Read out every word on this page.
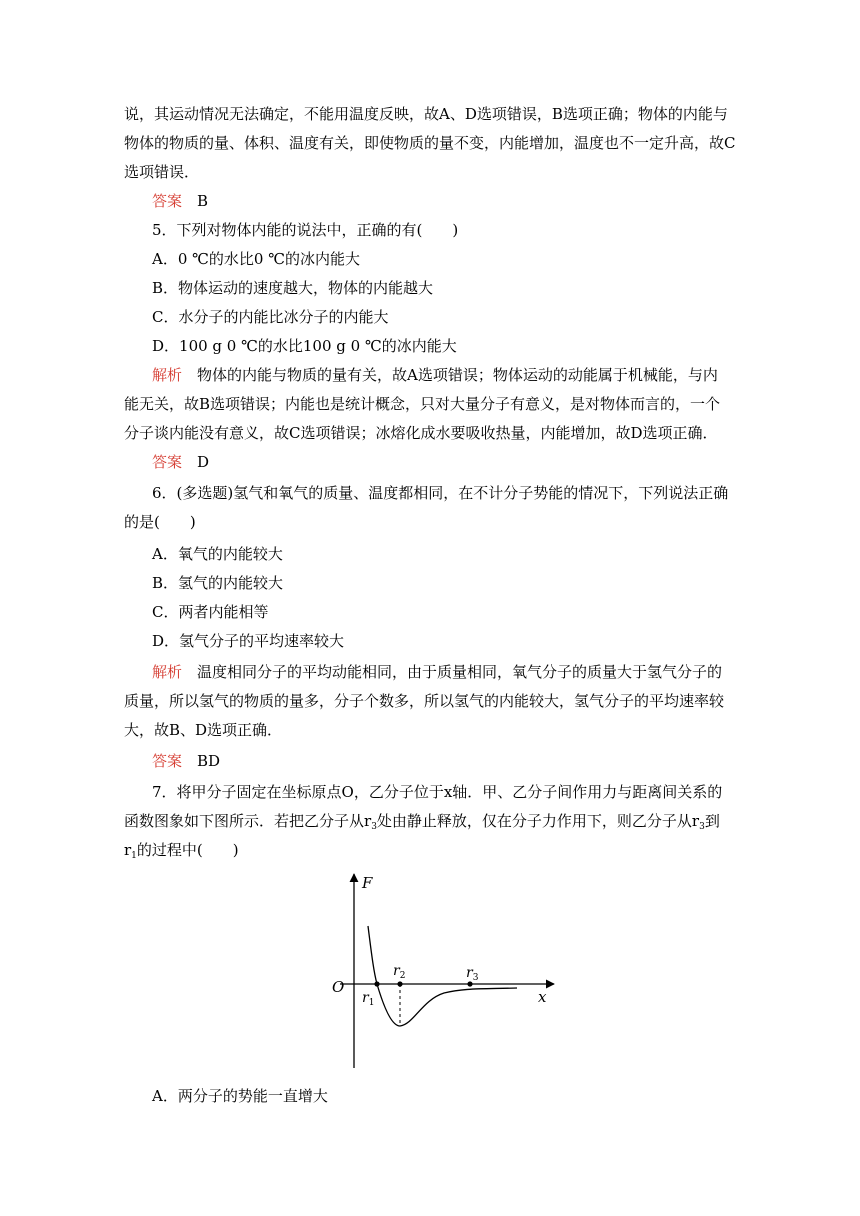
说，其运动情况无法确定，不能用温度反映，故A、D选项错误，B选项正确；物体的内能与
物体的物质的量、体积、温度有关，即使物质的量不变，内能增加，温度也不一定升高，故C
选项错误．
答案　 B
5．下列对物体内能的说法中，正确的有(　　)
A．0 ℃的水比0 ℃的冰内能大
B．物体运动的速度越大，物体的内能越大
C．水分子的内能比冰分子的内能大
D．100 g 0 ℃的水比100 g 0 ℃的冰内能大
解析　 物体的内能与物质的量有关，故A选项错误；物体运动的动能属于机械能，与内
能无关，故B选项错误；内能也是统计概念，只对大量分子有意义，是对物体而言的，一个
分子谈内能没有意义，故C选项错误；冰熔化成水要吸收热量，内能增加，故D选项正确．
答案　 D
6．(多选题)氢气和氧气的质量、温度都相同，在不计分子势能的情况下，下列说法正确
的是(　　)
A．氧气的内能较大
B．氢气的内能较大
C．两者内能相等
D．氢气分子的平均速率较大
解析　 温度相同分子的平均动能相同，由于质量相同，氧气分子的质量大于氢气分子的
质量，所以氢气的物质的量多，分子个数多，所以氢气的内能较大，氢气分子的平均速率较
大，故B、D选项正确．
答案　 BD
7．将甲分子固定在坐标原点O，乙分子位于x轴．甲、乙分子间作用力与距离间关系的
函数图象如下图所示．若把乙分子从$r_3$处由静止释放，仅在分子力作用下，则乙分子从$r_3$到
$r_1$的过程中(　　)
F
x
O
$r_1$
$r_2$	$r_3$
A．两分子的势能一直增大
